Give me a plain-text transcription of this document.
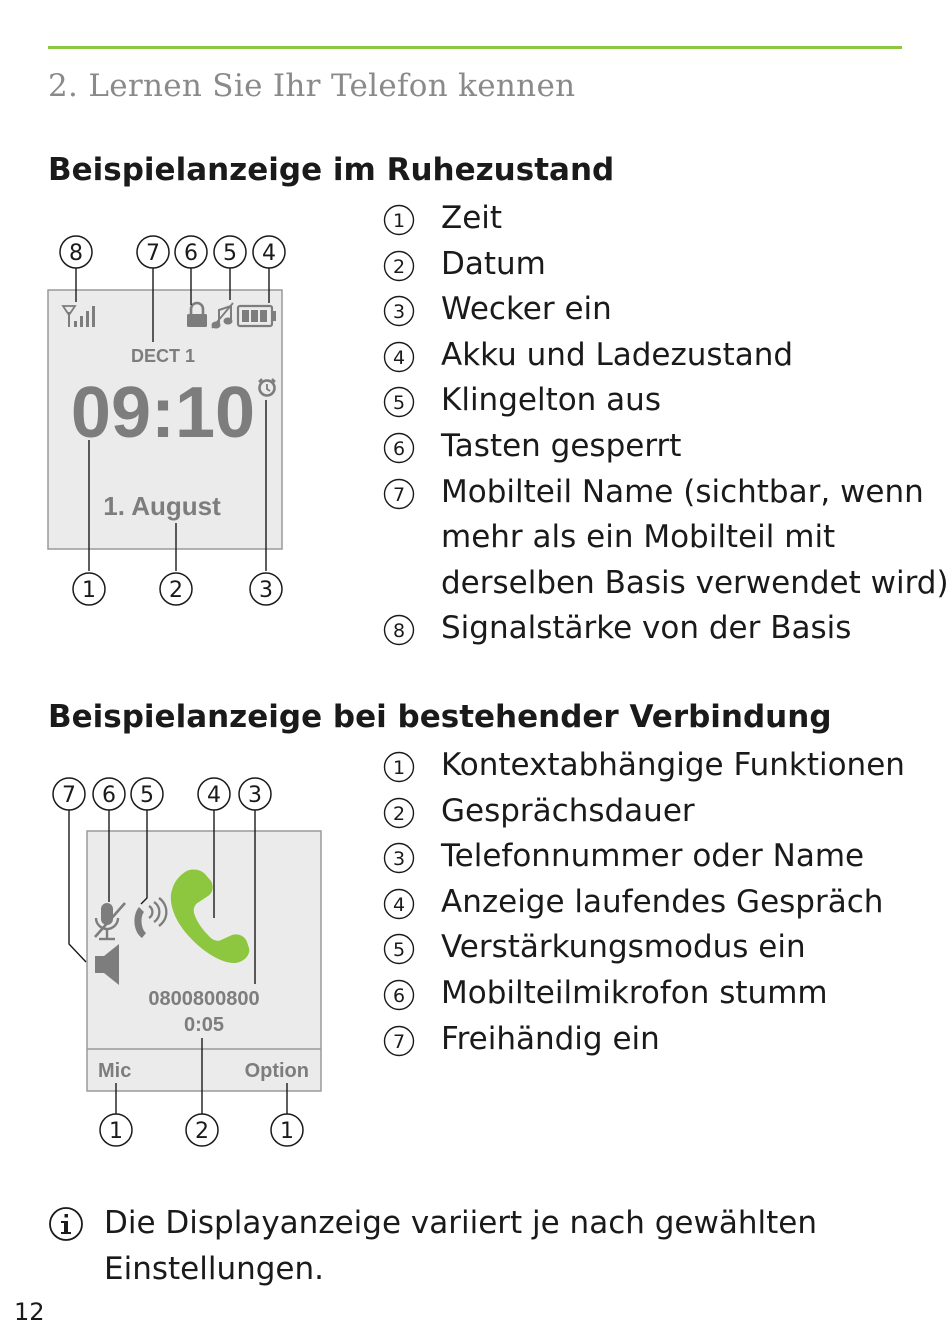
2. Lernen Sie Ihr Telefon kennen
Beispielanzeige im Ruhezustand
DECT 1
09:10
1. August
8	7 6 5 4
1	2	3
1 Zeit
2 Datum
3 Wecker ein
4 Akku und Ladezustand
5 Klingelton aus
6 Tasten gesperrt
7 Mobilteil Name (sichtbar, wenn
mehr als ein Mobilteil mit
derselben Basis verwendet wird)
8 Signalstärke von der Basis
Beispielanzeige bei bestehender Verbindung
0800800800
0:05
Mic	Option
7 6 5 4 3
1	2	1
1 Kontextabhängige Funktionen
2 Gesprächsdauer
3 Telefonnummer oder Name
4 Anzeige laufendes Gespräch
5 Verstärkungsmodus ein
6 Mobilteilmikrofon stumm
7 Freihändig ein
Die Displayanzeige variiert je nach gewählten
Einstellungen.
12
